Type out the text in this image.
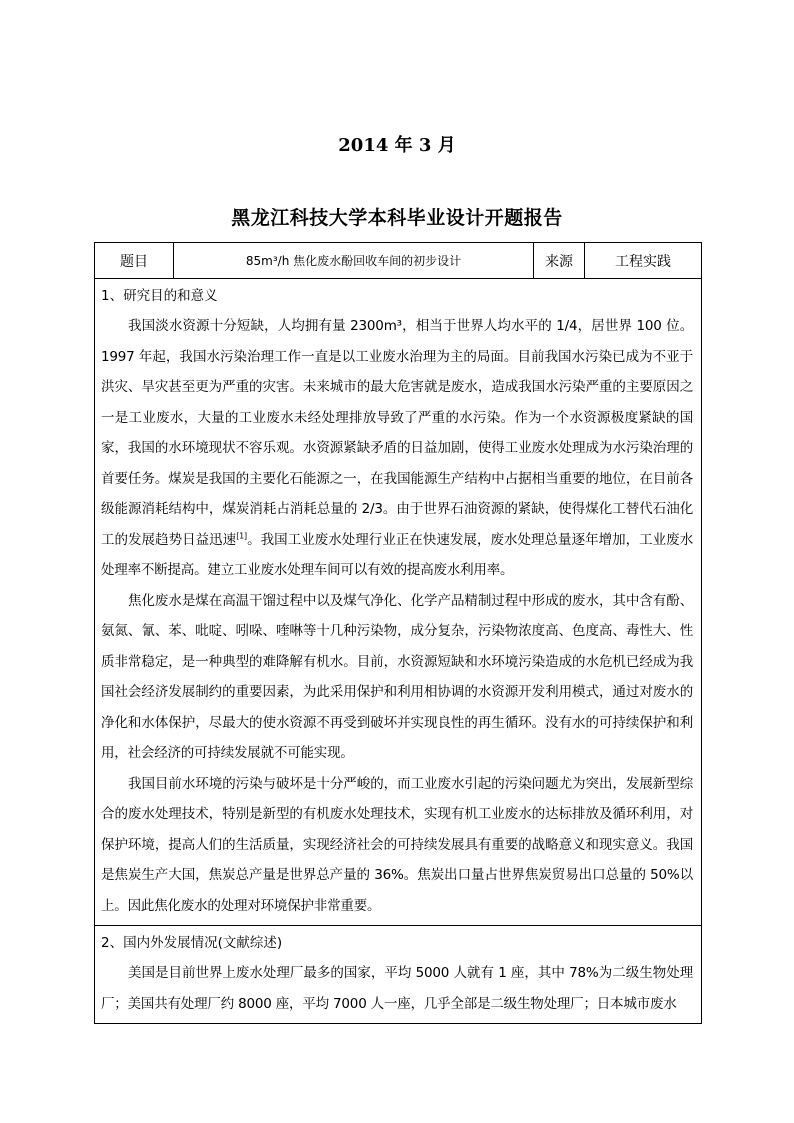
2014 年 3 月
黑龙江科技大学本科毕业设计开题报告
题目	85m³/h 焦化废水酚回收车间的初步设计	来源	工程实践

1、研究目的和意义

我国淡水资源十分短缺，人均拥有量 2300m³，相当于世界人均水平的 1/4，居世界 100 位。1997 年起，我国水污染治理工作一直是以工业废水治理为主的局面。目前我国水污染已成为不亚于洪灾、旱灾甚至更为严重的灾害。未来城市的最大危害就是废水，造成我国水污染严重的主要原因之一是工业废水，大量的工业废水未经处理排放导致了严重的水污染。作为一个水资源极度紧缺的国家，我国的水环境现状不容乐观。水资源紧缺矛盾的日益加剧，使得工业废水处理成为水污染治理的首要任务。煤炭是我国的主要化石能源之一，在我国能源生产结构中占据相当重要的地位，在目前各级能源消耗结构中，煤炭消耗占消耗总量的 2/3。由于世界石油资源的紧缺，使得煤化工替代石油化工的发展趋势日益迅速[1]。我国工业废水处理行业正在快速发展，废水处理总量逐年增加，工业废水处理率不断提高。建立工业废水处理车间可以有效的提高废水利用率。

焦化废水是煤在高温干馏过程中以及煤气净化、化学产品精制过程中形成的废水，其中含有酚、氨氮、氰、苯、吡啶、吲哚、喹啉等十几种污染物，成分复杂，污染物浓度高、色度高、毒性大、性质非常稳定，是一种典型的难降解有机水。目前，水资源短缺和水环境污染造成的水危机已经成为我国社会经济发展制约的重要因素，为此采用保护和利用相协调的水资源开发利用模式，通过对废水的净化和水体保护，尽最大的使水资源不再受到破坏并实现良性的再生循环。没有水的可持续保护和利用，社会经济的可持续发展就不可能实现。

我国目前水环境的污染与破坏是十分严峻的，而工业废水引起的污染问题尤为突出，发展新型综合的废水处理技术，特别是新型的有机废水处理技术，实现有机工业废水的达标排放及循环利用，对保护环境，提高人们的生活质量，实现经济社会的可持续发展具有重要的战略意义和现实意义。我国是焦炭生产大国，焦炭总产量是世界总产量的 36%。焦炭出口量占世界焦炭贸易出口总量的 50%以上。因此焦化废水的处理对环境保护非常重要。

2、国内外发展情况(文献综述)

美国是目前世界上废水处理厂最多的国家，平均 5000 人就有 1 座，其中 78%为二级生物处理厂；美国共有处理厂约 8000 座，平均 7000 人一座，几乎全部是二级生物处理厂；日本城市废水
